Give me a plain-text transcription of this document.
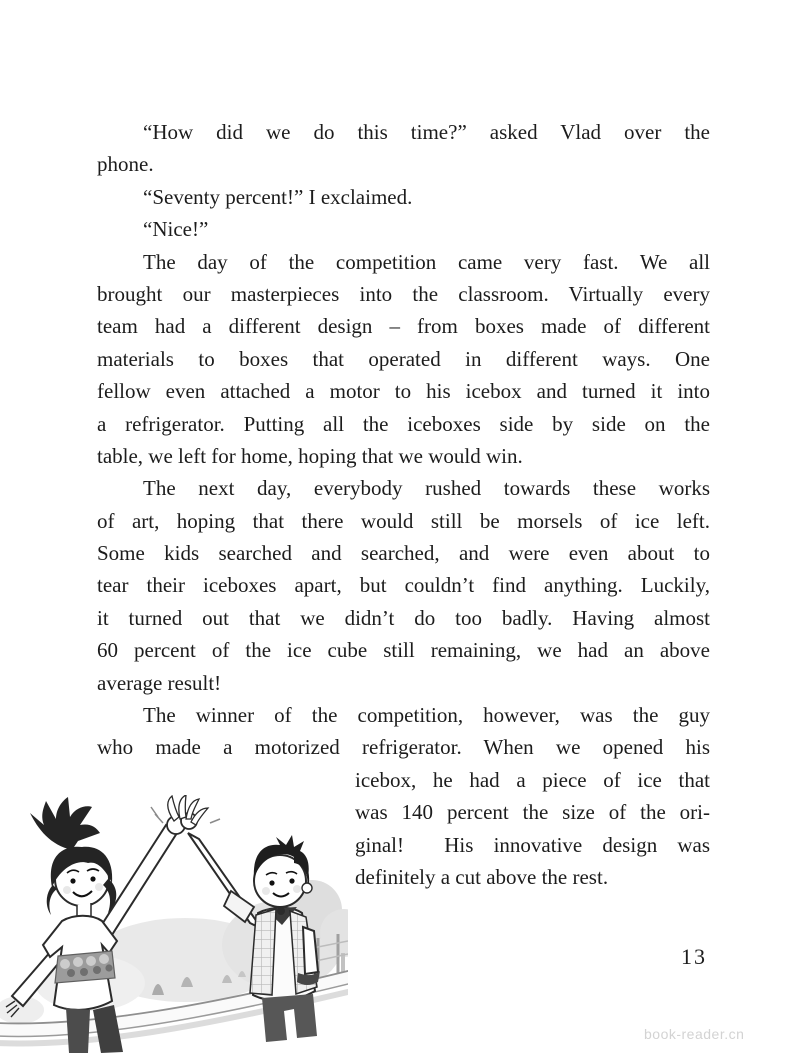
“How did we do this time?” asked Vlad over the
phone.
“Seventy percent!” I exclaimed.
“Nice!”
The day of the competition came very fast. We all
brought our masterpieces into the classroom. Virtually every
team had a different design – from boxes made of different
materials to boxes that operated in different ways. One
fellow even attached a motor to his icebox and turned it into
a refrigerator. Putting all the iceboxes side by side on the
table, we left for home, hoping that we would win.
The next day, everybody rushed towards these works
of art, hoping that there would still be morsels of ice left.
Some kids searched and searched, and were even about to
tear their iceboxes apart, but couldn’t find anything. Luckily,
it turned out that we didn’t do too badly. Having almost
60 percent of the ice cube still remaining, we had an above
average result!
The winner of the competition, however, was the guy
who made a motorized refrigerator. When we opened his
icebox, he had a piece of ice that
was 140 percent the size of the ori-
ginal!  His innovative design was
definitely a cut above the rest.
13
book-reader.cn
